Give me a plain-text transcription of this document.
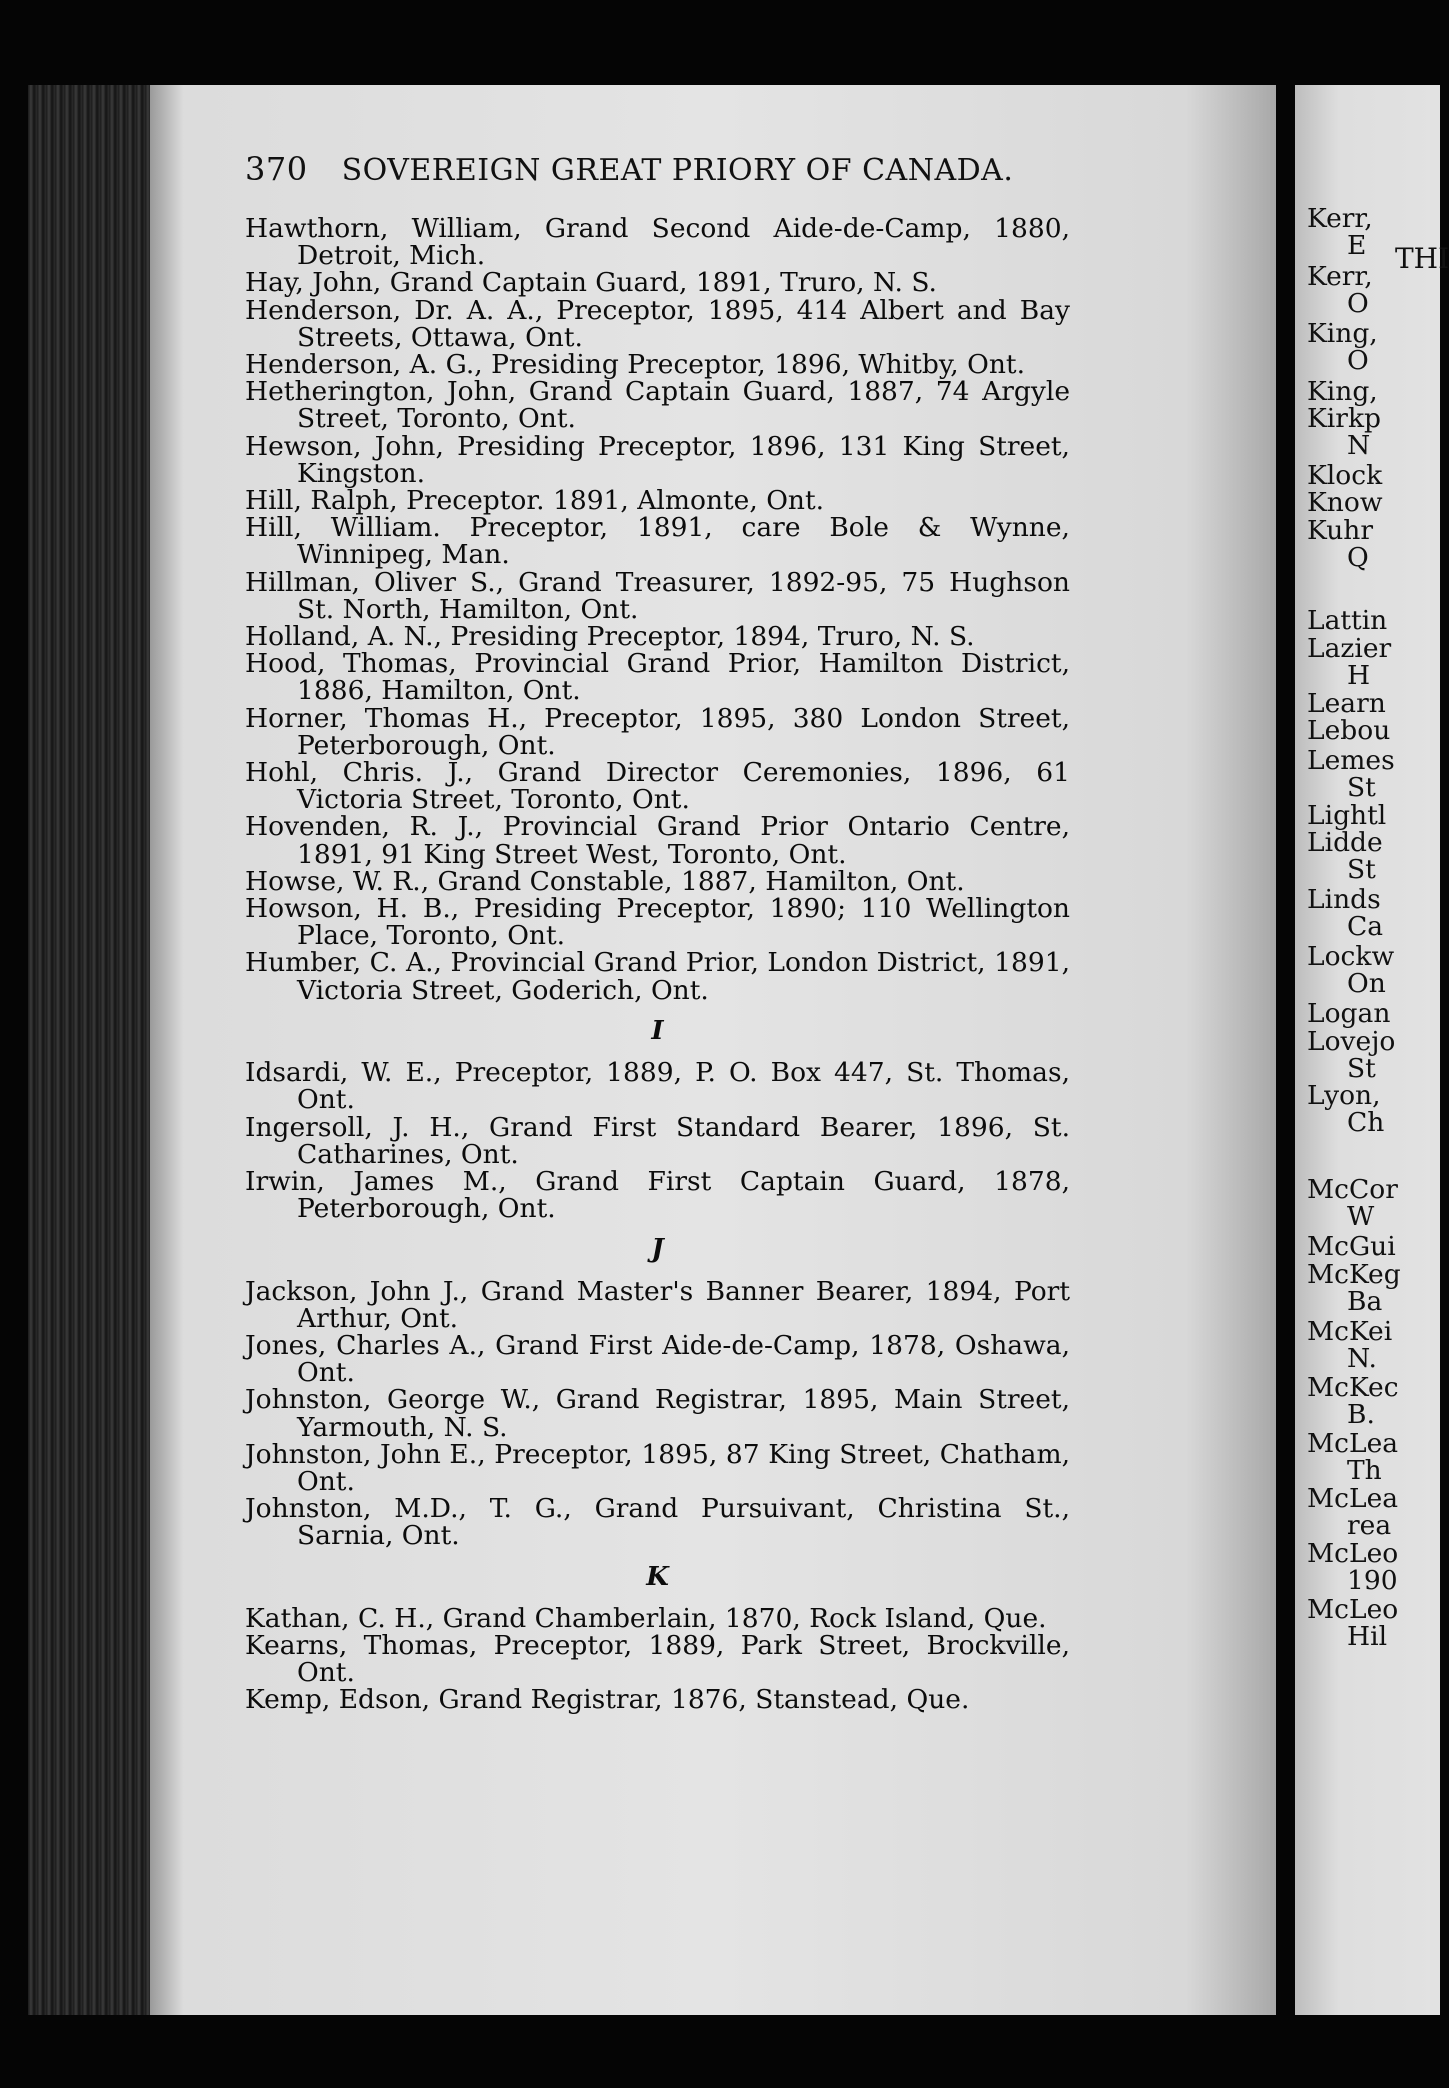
370 SOVEREIGN GREAT PRIORY OF CANADA.
Hawthorn, William, Grand Second Aide-de-Camp, 1880, Detroit, Mich.
Hay, John, Grand Captain Guard, 1891, Truro, N. S.
Henderson, Dr. A. A., Preceptor, 1895, 414 Albert and Bay Streets, Ottawa, Ont.
Henderson, A. G., Presiding Preceptor, 1896, Whitby, Ont.
Hetherington, John, Grand Captain Guard, 1887, 74 Argyle Street, Toronto, Ont.
Hewson, John, Presiding Preceptor, 1896, 131 King Street, Kingston.
Hill, Ralph, Preceptor. 1891, Almonte, Ont.
Hill, William. Preceptor, 1891, care Bole & Wynne, Winnipeg, Man.
Hillman, Oliver S., Grand Treasurer, 1892-95, 75 Hughson St. North, Hamilton, Ont.
Holland, A. N., Presiding Preceptor, 1894, Truro, N. S.
Hood, Thomas, Provincial Grand Prior, Hamilton District, 1886, Hamilton, Ont.
Horner, Thomas H., Preceptor, 1895, 380 London Street, Peterborough, Ont.
Hohl, Chris. J., Grand Director Ceremonies, 1896, 61 Victoria Street, Toronto, Ont.
Hovenden, R. J., Provincial Grand Prior Ontario Centre, 1891, 91 King Street West, Toronto, Ont.
Howse, W. R., Grand Constable, 1887, Hamilton, Ont.
Howson, H. B., Presiding Preceptor, 1890; 110 Wellington Place, Toronto, Ont.
Humber, C. A., Provincial Grand Prior, London District, 1891, Victoria Street, Goderich, Ont.
I
Idsardi, W. E., Preceptor, 1889, P. O. Box 447, St. Thomas, Ont.
Ingersoll, J. H., Grand First Standard Bearer, 1896, St. Catharines, Ont.
Irwin, James M., Grand First Captain Guard, 1878, Peterborough, Ont.
J
Jackson, John J., Grand Master's Banner Bearer, 1894, Port Arthur, Ont.
Jones, Charles A., Grand First Aide-de-Camp, 1878, Oshawa, Ont.
Johnston, George W., Grand Registrar, 1895, Main Street, Yarmouth, N. S.
Johnston, John E., Preceptor, 1895, 87 King Street, Chatham, Ont.
Johnston, M.D., T. G., Grand Pursuivant, Christina St., Sarnia, Ont.
K
Kathan, C. H., Grand Chamberlain, 1870, Rock Island, Que.
Kearns, Thomas, Preceptor, 1889, Park Street, Brockville, Ont.
Kemp, Edson, Grand Registrar, 1876, Stanstead, Que.
THI
Kerr,
E
Kerr,
O
King,
O
King,
Kirkp
N
Klock
Know
Kuhr
Q
Lattin
Lazier
H
Learn
Lebou
Lemes
St
Lightl
Lidde
St
Linds
Ca
Lockw
On
Logan
Lovejo
St
Lyon,
Ch
McCor
W
McGui
McKeg
Ba
McKei
N.
McKec
B.
McLea
Th
McLea
rea
McLeo
190
McLeo
Hil
